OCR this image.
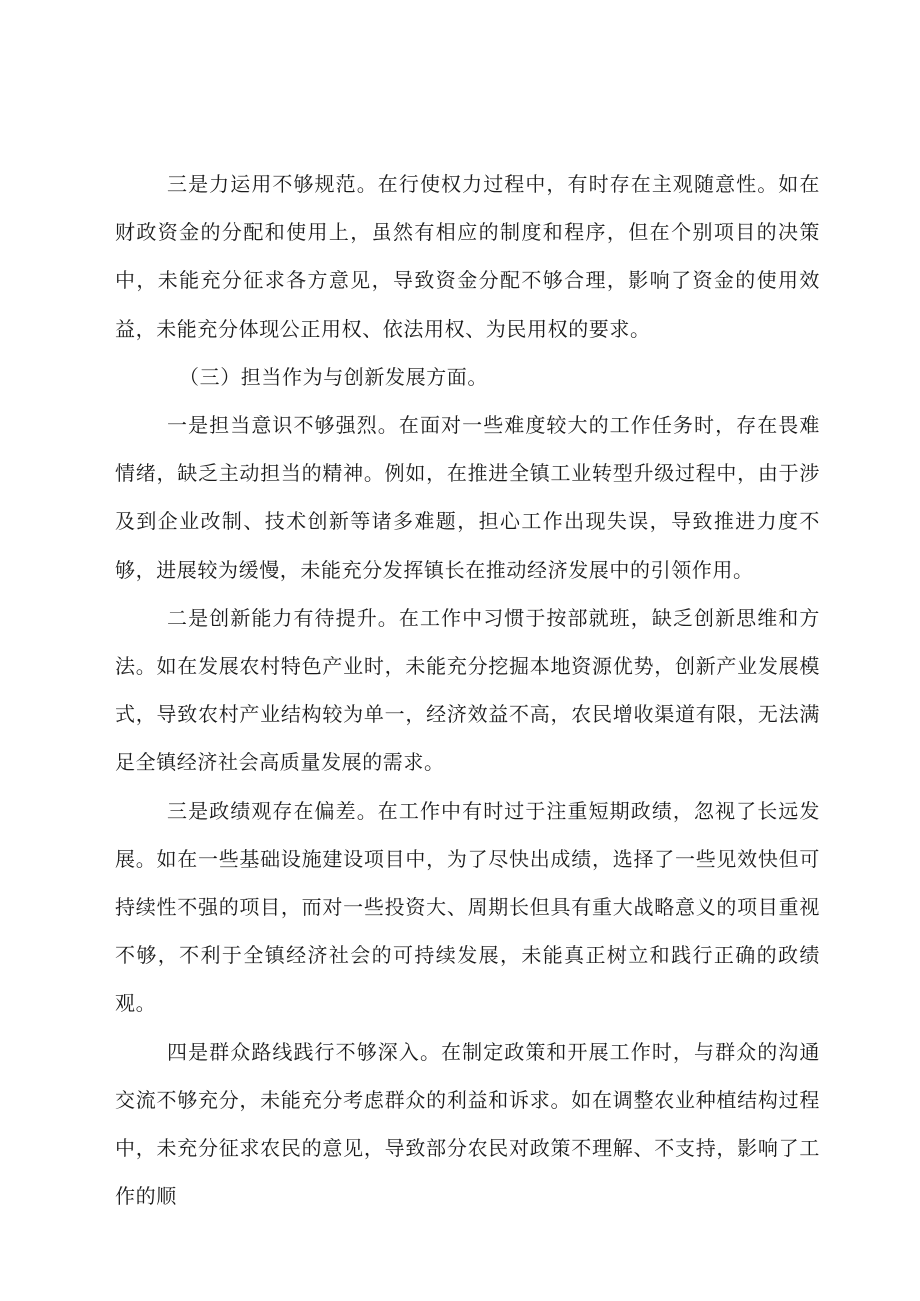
三是力运用不够规范。在行使权力过程中，有时存在主观随意性。如在财政资金的分配和使用上，虽然有相应的制度和程序，但在个别项目的决策中，未能充分征求各方意见，导致资金分配不够合理，影响了资金的使用效益，未能充分体现公正用权、依法用权、为民用权的要求。

（三）担当作为与创新发展方面。

一是担当意识不够强烈。在面对一些难度较大的工作任务时，存在畏难情绪，缺乏主动担当的精神。例如，在推进全镇工业转型升级过程中，由于涉及到企业改制、技术创新等诸多难题，担心工作出现失误，导致推进力度不够，进展较为缓慢，未能充分发挥镇长在推动经济发展中的引领作用。

二是创新能力有待提升。在工作中习惯于按部就班，缺乏创新思维和方法。如在发展农村特色产业时，未能充分挖掘本地资源优势，创新产业发展模式，导致农村产业结构较为单一，经济效益不高，农民增收渠道有限，无法满足全镇经济社会高质量发展的需求。

三是政绩观存在偏差。在工作中有时过于注重短期政绩，忽视了长远发展。如在一些基础设施建设项目中，为了尽快出成绩，选择了一些见效快但可持续性不强的项目，而对一些投资大、周期长但具有重大战略意义的项目重视不够，不利于全镇经济社会的可持续发展，未能真正树立和践行正确的政绩观。

四是群众路线践行不够深入。在制定政策和开展工作时，与群众的沟通交流不够充分，未能充分考虑群众的利益和诉求。如在调整农业种植结构过程中，未充分征求农民的意见，导致部分农民对政策不理解、不支持，影响了工作的顺
